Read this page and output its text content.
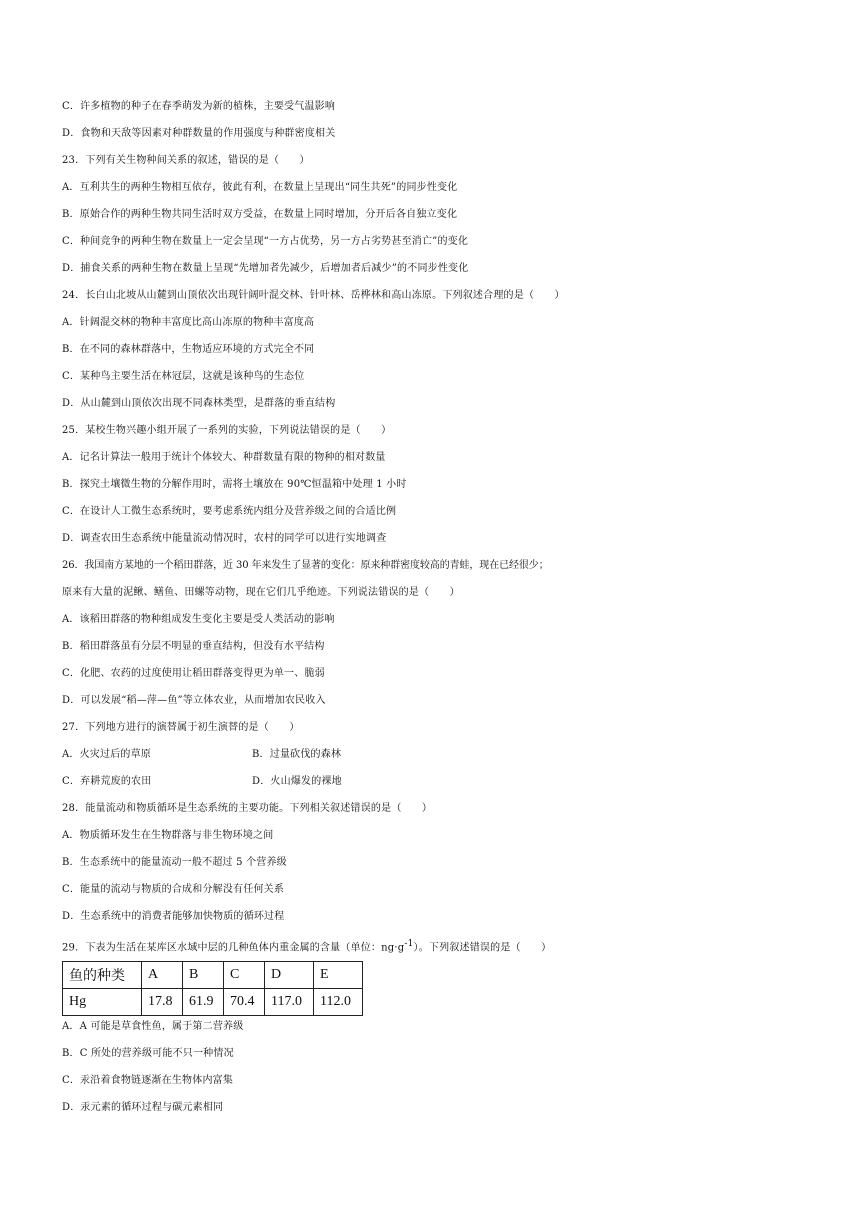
C．许多植物的种子在春季萌发为新的植株，主要受气温影响
D．食物和天敌等因素对种群数量的作用强度与种群密度相关
23．下列有关生物种间关系的叙述，错误的是（　　）
A．互利共生的两种生物相互依存，彼此有利，在数量上呈现出“同生共死”的同步性变化
B．原始合作的两种生物共同生活时双方受益，在数量上同时增加，分开后各自独立变化
C．种间竞争的两种生物在数量上一定会呈现“一方占优势，另一方占劣势甚至消亡”的变化
D．捕食关系的两种生物在数量上呈现“先增加者先减少，后增加者后减少”的不同步性变化
24．长白山北坡从山麓到山顶依次出现针阔叶混交林、针叶林、岳桦林和高山冻原。下列叙述合理的是（　　）
A．针阔混交林的物种丰富度比高山冻原的物种丰富度高
B．在不同的森林群落中，生物适应环境的方式完全不同
C．某种鸟主要生活在林冠层，这就是该种鸟的生态位
D．从山麓到山顶依次出现不同森林类型，是群落的垂直结构
25．某校生物兴趣小组开展了一系列的实验，下列说法错误的是（　　）
A．记名计算法一般用于统计个体较大、种群数量有限的物种的相对数量
B．探究土壤微生物的分解作用时，需将土壤放在 90℃恒温箱中处理 1 小时
C．在设计人工微生态系统时，要考虑系统内组分及营养级之间的合适比例
D．调查农田生态系统中能量流动情况时，农村的同学可以进行实地调查
26．我国南方某地的一个稻田群落，近 30 年来发生了显著的变化：原来种群密度较高的青蛙，现在已经很少；
原来有大量的泥鳅、鳝鱼、田螺等动物，现在它们几乎绝迹。下列说法错误的是（　　）
A．该稻田群落的物种组成发生变化主要是受人类活动的影响
B．稻田群落虽有分层不明显的垂直结构，但没有水平结构
C．化肥、农药的过度使用让稻田群落变得更为单一、脆弱
D．可以发展“稻—萍—鱼”等立体农业，从而增加农民收入
27．下列地方进行的演替属于初生演替的是（　　）
A．火灾过后的草原	B．过量砍伐的森林
C．弃耕荒废的农田	D．火山爆发的裸地
28．能量流动和物质循环是生态系统的主要功能。下列相关叙述错误的是（　　）
A．物质循环发生在生物群落与非生物环境之间
B．生态系统中的能量流动一般不超过 5 个营养级
C．能量的流动与物质的合成和分解没有任何关系
D．生态系统中的消费者能够加快物质的循环过程
29．下表为生活在某库区水域中层的几种鱼体内重金属的含量（单位：$ng\cdot g^{-1}$）。下列叙述错误的是（　　）
鱼的种类	A	B	C	D	E
Hg	17.8	61.9	70.4	117.0	112.0
A．A 可能是草食性鱼，属于第二营养级
B．C 所处的营养级可能不只一种情况
C．汞沿着食物链逐渐在生物体内富集
D．汞元素的循环过程与碳元素相同
